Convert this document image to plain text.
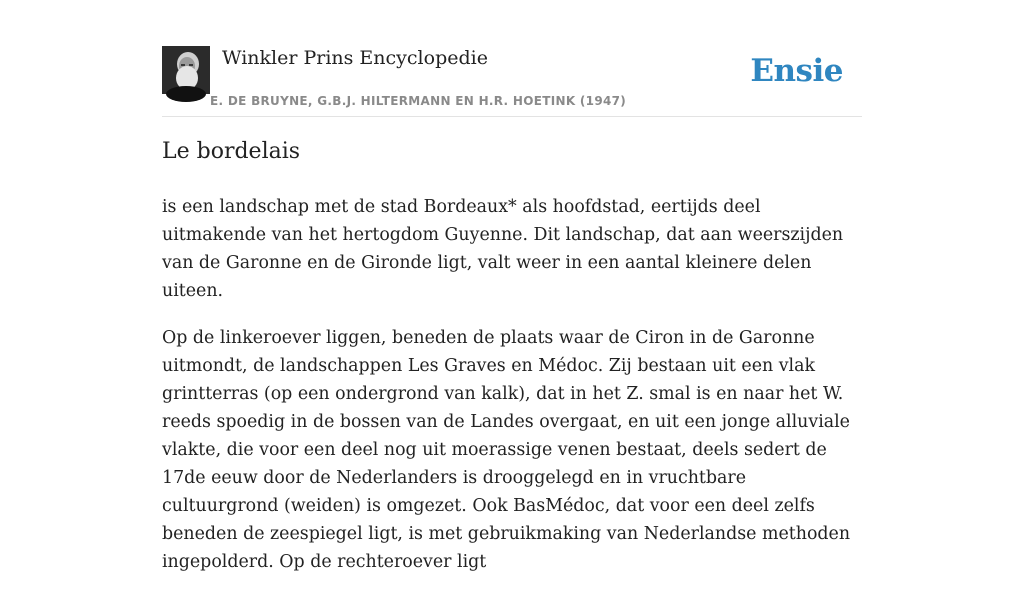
Winkler Prins Encyclopedie
E. DE BRUYNE, G.B.J. HILTERMANN EN H.R. HOETINK (1947)
Ensie
Le bordelais

is een landschap met de stad Bordeaux* als hoofdstad, eertijds deel uitmakende van het hertogdom Guyenne. Dit landschap, dat aan weerszijden van de Garonne en de Gironde ligt, valt weer in een aantal kleinere delen uiteen.

Op de linkeroever liggen, beneden de plaats waar de Ciron in de Garonne uitmondt, de landschappen Les Graves en Médoc. Zij bestaan uit een vlak grintterras (op een ondergrond van kalk), dat in het Z. smal is en naar het W. reeds spoedig in de bossen van de Landes overgaat, en uit een jonge alluviale vlakte, die voor een deel nog uit moerassige venen bestaat, deels sedert de 17de eeuw door de Nederlanders is drooggelegd en in vruchtbare cultuurgrond (weiden) is omgezet. Ook BasMédoc, dat voor een deel zelfs beneden de zeespiegel ligt, is met gebruikmaking van Nederlandse methoden ingepolderd. Op de rechteroever ligt
